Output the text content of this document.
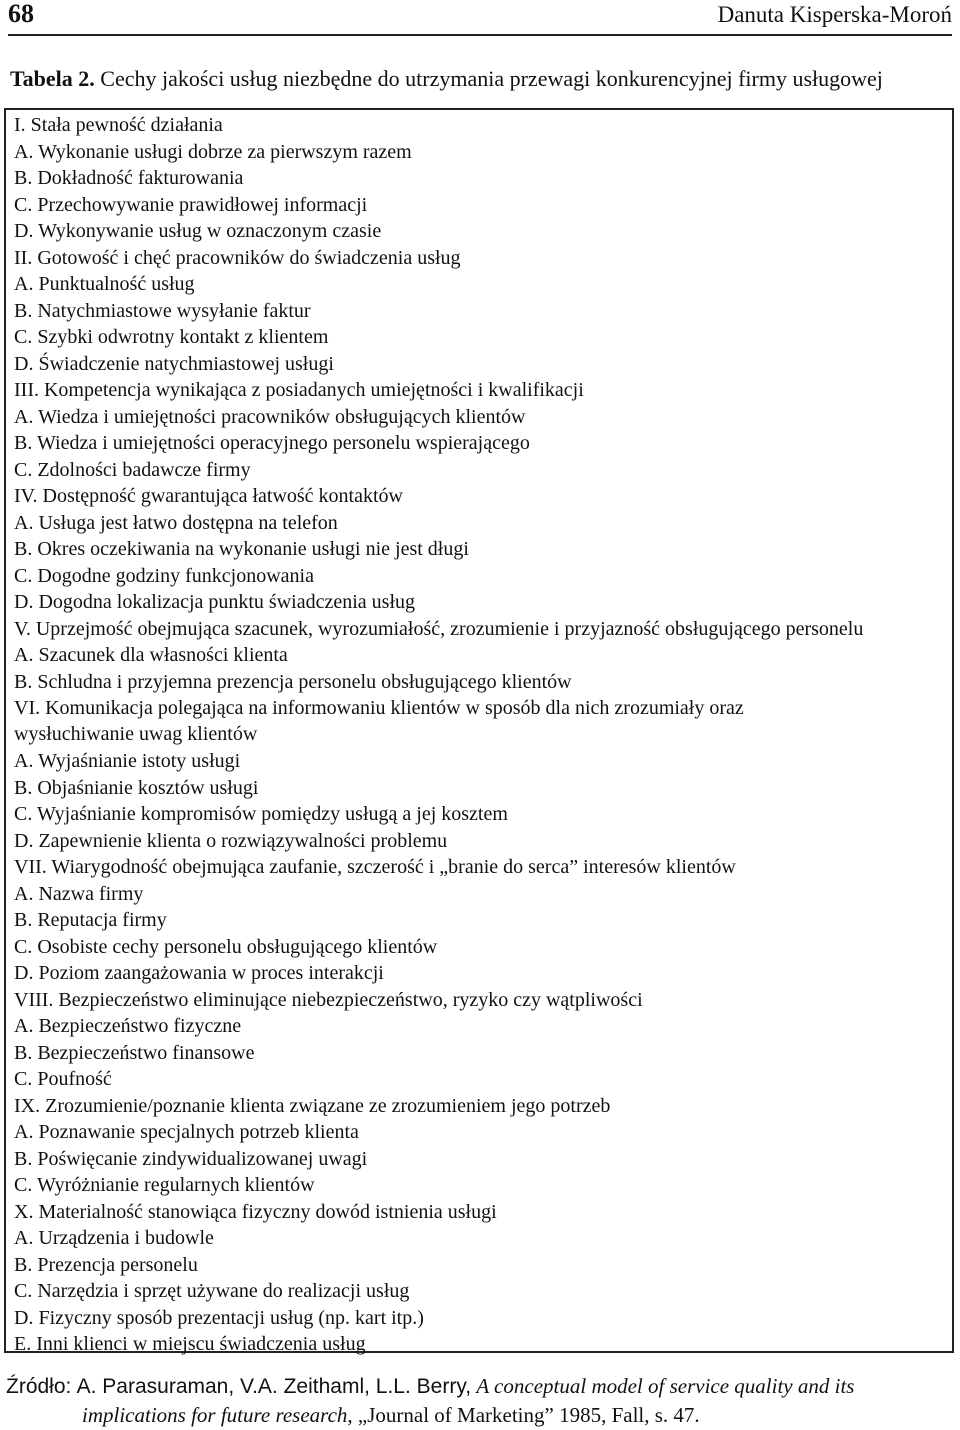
68	Danuta Kisperska-Moroń
Tabela 2. Cechy jakości usług niezbędne do utrzymania przewagi konkurencyjnej firmy usługowej
I. Stała pewność działania
A. Wykonanie usługi dobrze za pierwszym razem
B. Dokładność fakturowania
C. Przechowywanie prawidłowej informacji
D. Wykonywanie usług w oznaczonym czasie
II. Gotowość i chęć pracowników do świadczenia usług
A. Punktualność usług
B. Natychmiastowe wysyłanie faktur
C. Szybki odwrotny kontakt z klientem
D. Świadczenie natychmiastowej usługi
III. Kompetencja wynikająca z posiadanych umiejętności i kwalifikacji
A. Wiedza i umiejętności pracowników obsługujących klientów
B. Wiedza i umiejętności operacyjnego personelu wspierającego
C. Zdolności badawcze firmy
IV. Dostępność gwarantująca łatwość kontaktów
A. Usługa jest łatwo dostępna na telefon
B. Okres oczekiwania na wykonanie usługi nie jest długi
C. Dogodne godziny funkcjonowania
D. Dogodna lokalizacja punktu świadczenia usług
V. Uprzejmość obejmująca szacunek, wyrozumiałość, zrozumienie i przyjazność obsługującego personelu
A. Szacunek dla własności klienta
B. Schludna i przyjemna prezencja personelu obsługującego klientów
VI. Komunikacja polegająca na informowaniu klientów w sposób dla nich zrozumiały oraz wysłuchiwanie uwag klientów
A. Wyjaśnianie istoty usługi
B. Objaśnianie kosztów usługi
C. Wyjaśnianie kompromisów pomiędzy usługą a jej kosztem
D. Zapewnienie klienta o rozwiązywalności problemu
VII. Wiarygodność obejmująca zaufanie, szczerość i „branie do serca” interesów klientów
A. Nazwa firmy
B. Reputacja firmy
C. Osobiste cechy personelu obsługującego klientów
D. Poziom zaangażowania w proces interakcji
VIII. Bezpieczeństwo eliminujące niebezpieczeństwo, ryzyko czy wątpliwości
A. Bezpieczeństwo fizyczne
B. Bezpieczeństwo finansowe
C. Poufność
IX. Zrozumienie/poznanie klienta związane ze zrozumieniem jego potrzeb
A. Poznawanie specjalnych potrzeb klienta
B. Poświęcanie zindywidualizowanej uwagi
C. Wyróżnianie regularnych klientów
X. Materialność stanowiąca fizyczny dowód istnienia usługi
A. Urządzenia i budowle
B. Prezencja personelu
C. Narzędzia i sprzęt używane do realizacji usług
D. Fizyczny sposób prezentacji usług (np. kart itp.)
E. Inni klienci w miejscu świadczenia usług
Źródło: A. Parasuraman, V.A. Zeithaml, L.L. Berry, A conceptual model of service quality and its
implications for future research, „Journal of Marketing” 1985, Fall, s. 47.
